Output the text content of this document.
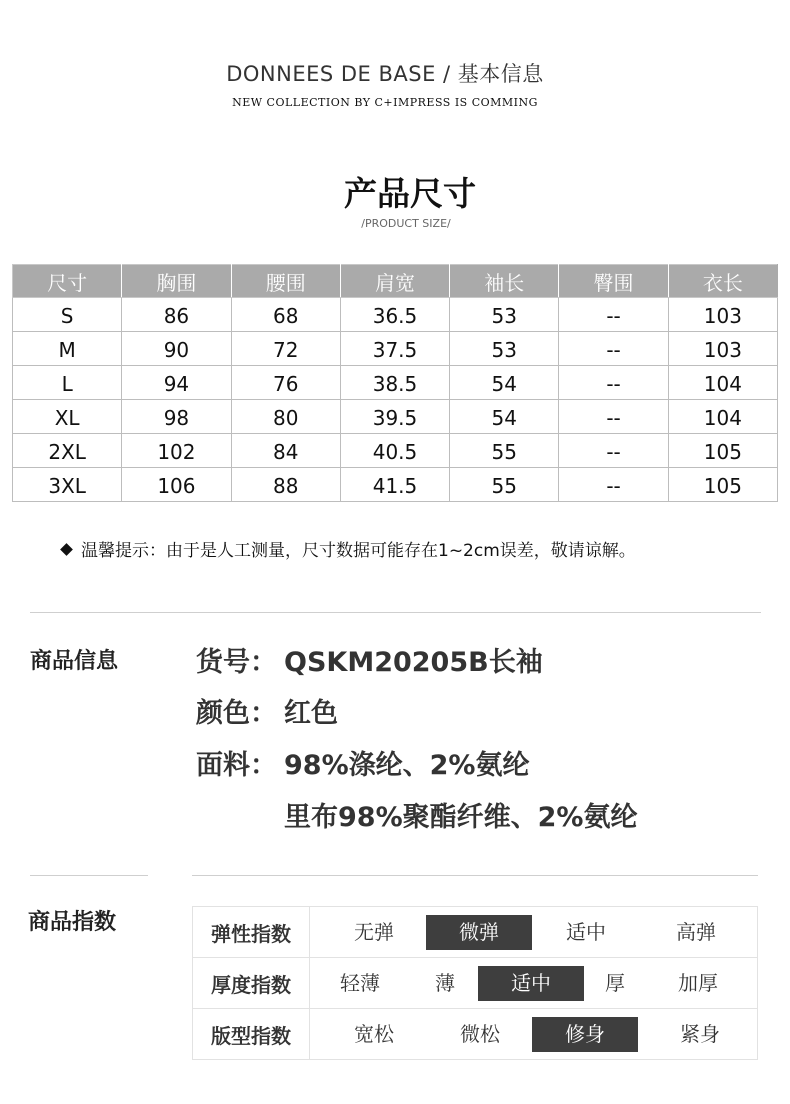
DONNEES DE BASE / 基本信息
NEW COLLECTION BY C+IMPRESS IS COMMING
产品尺寸
/PRODUCT SIZE/
尺寸	胸围	腰围	肩宽	袖长	臀围	衣长
S	86	68	36.5	53	--	103
M	90	72	37.5	53	--	103
L	94	76	38.5	54	--	104
XL	98	80	39.5	54	--	104
2XL	102	84	40.5	55	--	105
3XL	106	88	41.5	55	--	105
温馨提示：由于是人工测量，尺寸数据可能存在1~2cm误差，敬请谅解。
商品信息	货号： QSKM20205B长袖
颜色： 红色
面料： 98%涤纶、2%氨纶
里布98%聚酯纤维、2%氨纶
商品指数	弹性指数	无弹 微弹 适中 高弹

厚度指数	轻薄 薄 适中 厚 加厚

版型指数	宽松 微松 修身 紧身
